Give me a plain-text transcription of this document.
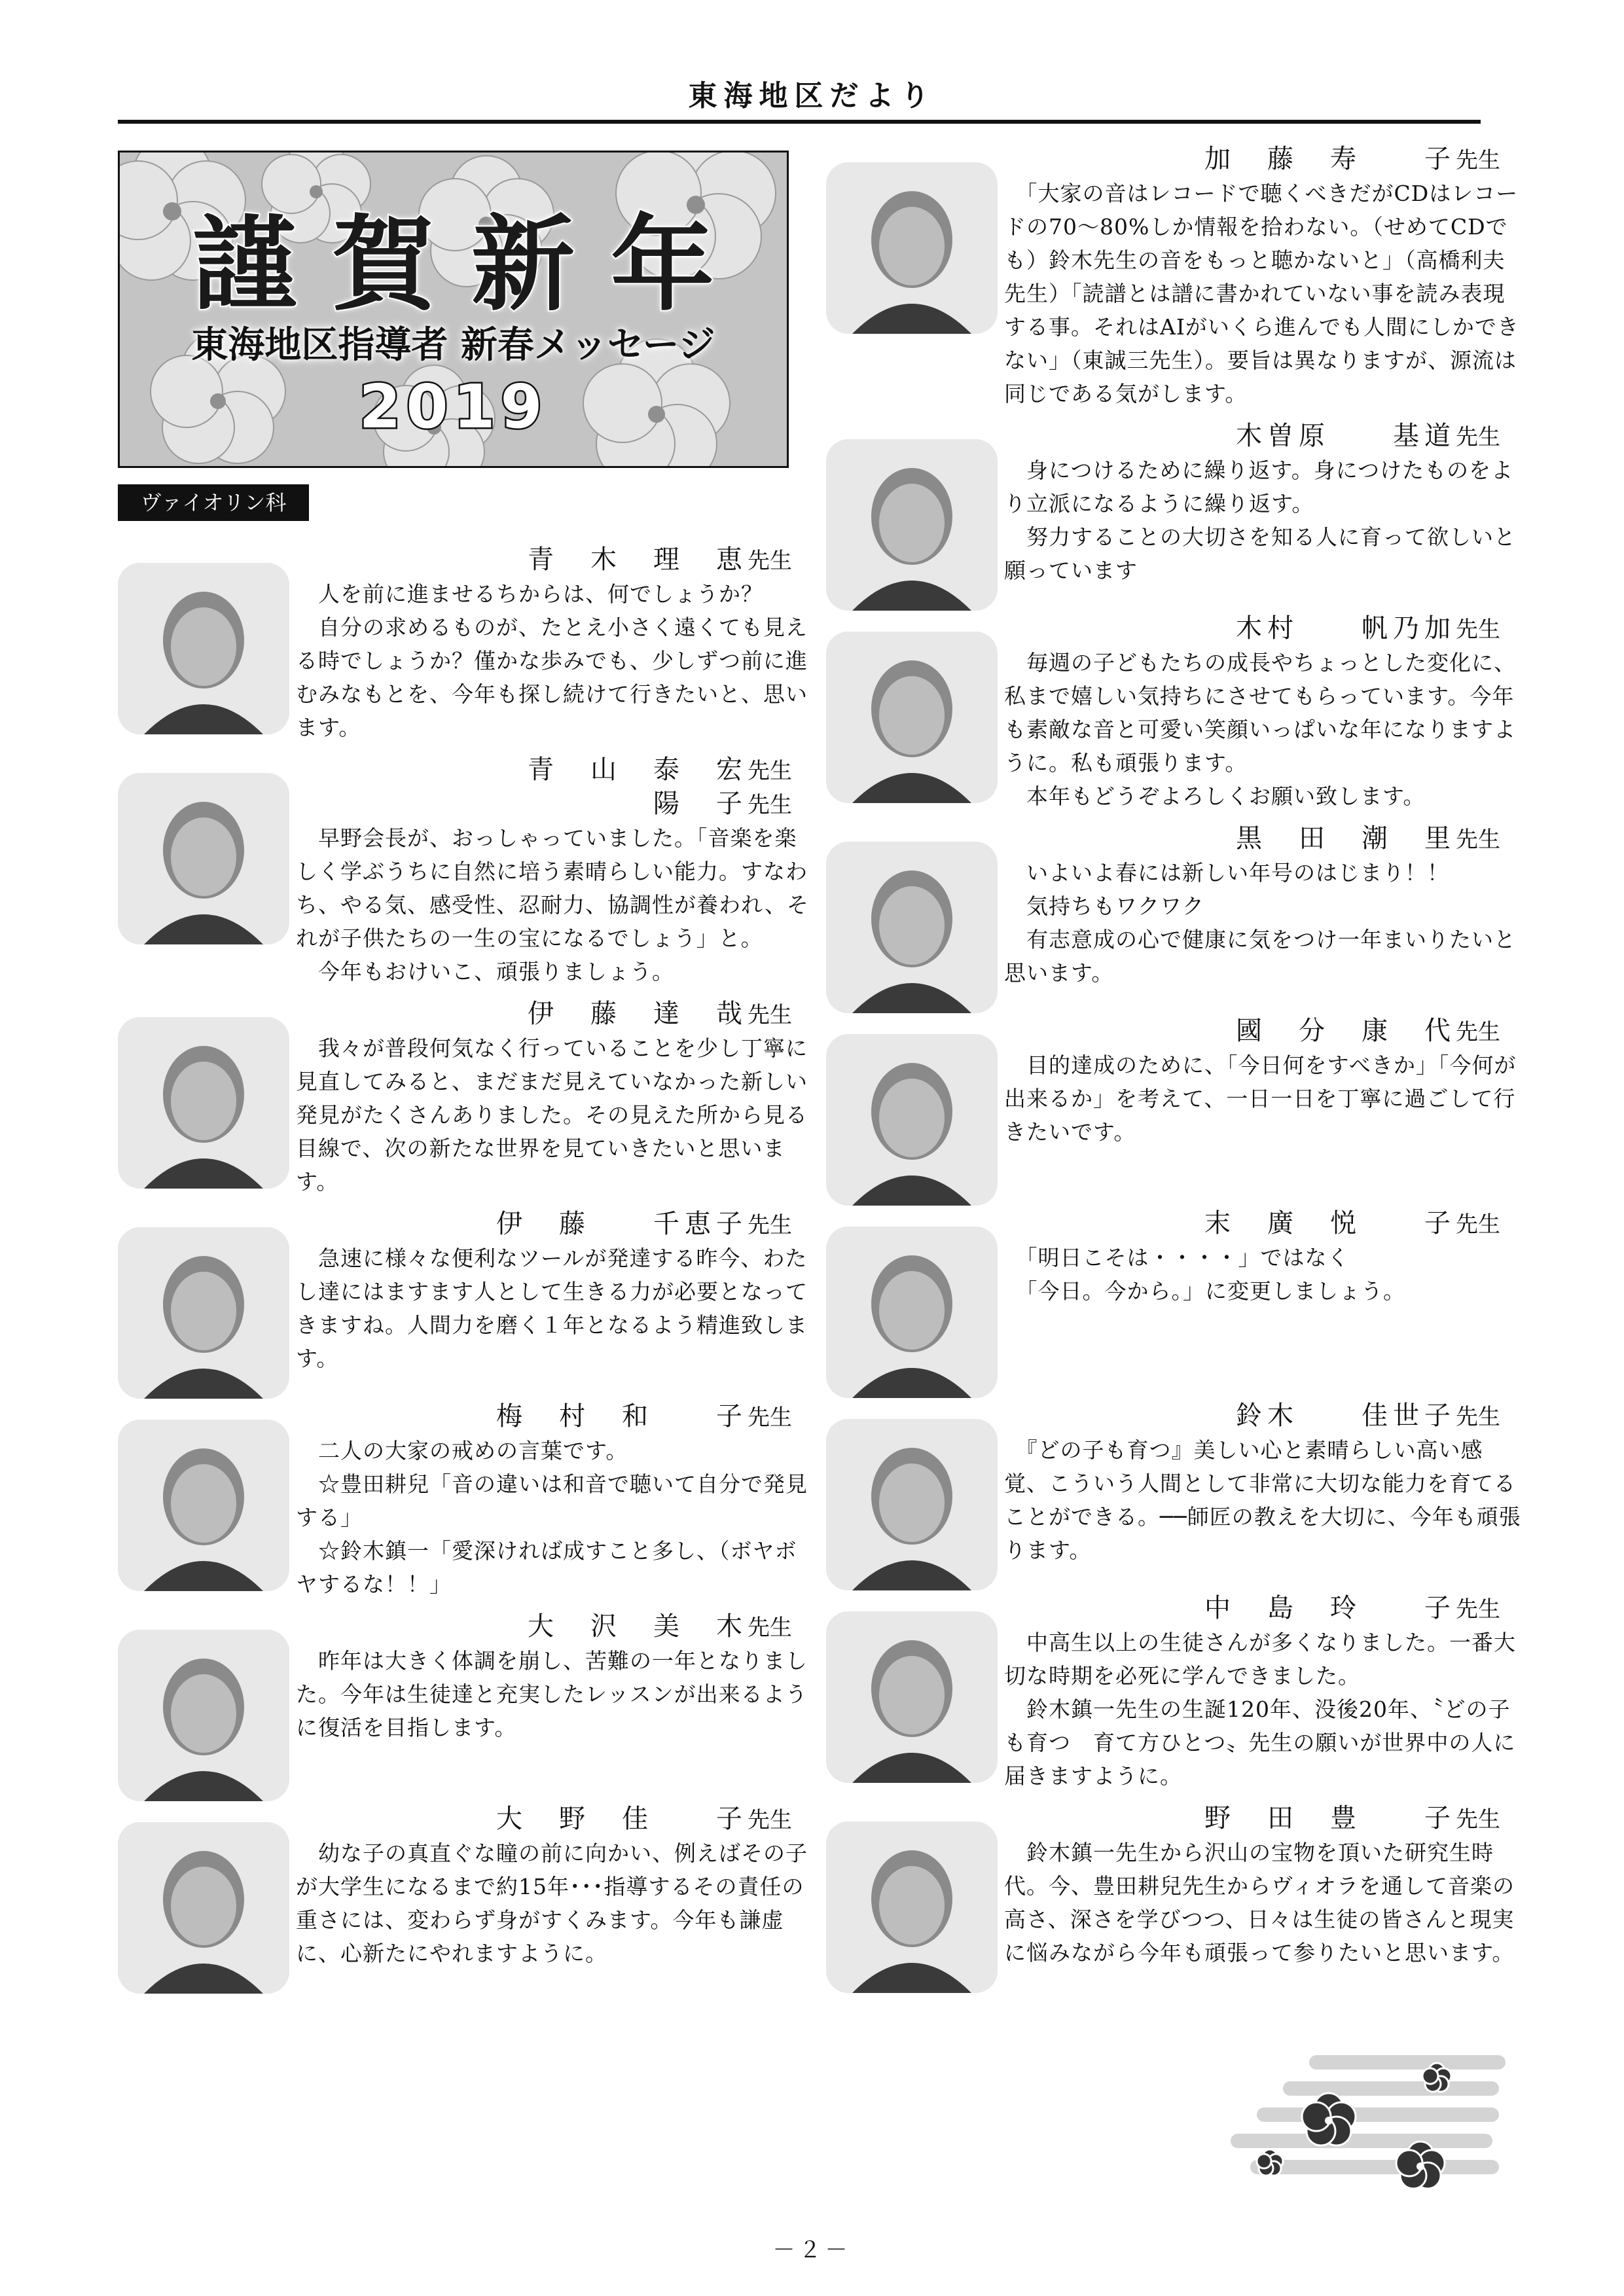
東海地区だより
謹賀新年
東海地区指導者 新春メッセージ
2019
ヴァイオリン科
青　木　理　恵先生

　人を前に進ませるちからは、何でしょうか？

　自分の求めるものが、たとえ小さく遠くても見える時でしょうか？僅かな歩みでも、少しずつ前に進むみなもとを、今年も探し続けて行きたいと、思います。

青　山　泰　宏先生
陽　子先生

　早野会長が、おっしゃっていました。「音楽を楽しく学ぶうちに自然に培う素晴らしい能力。すなわち、やる気、感受性、忍耐力、協調性が養われ、それが子供たちの一生の宝になるでしょう」と。

　今年もおけいこ、頑張りましょう。

伊　藤　達　哉先生

　我々が普段何気なく行っていることを少し丁寧に見直してみると、まだまだ見えていなかった新しい発見がたくさんありました。その見えた所から見る目線で、次の新たな世界を見ていきたいと思います。

伊　藤　　千恵子先生

　急速に様々な便利なツールが発達する昨今、わたし達にはますます人として生きる力が必要となってきますね。人間力を磨く１年となるよう精進致します。

梅　村　和　　子先生

　二人の大家の戒めの言葉です。

　☆豊田耕兒「音の違いは和音で聴いて自分で発見する」

　☆鈴木鎮一「愛深ければ成すこと多し、（ボヤボヤするな！！」

大　沢　美　木先生

　昨年は大きく体調を崩し、苦難の一年となりました。今年は生徒達と充実したレッスンが出来るように復活を目指します。

大　野　佳　　子先生

　幼な子の真直ぐな瞳の前に向かい、例えばその子が大学生になるまで約15年･･･指導するその責任の重さには、変わらず身がすくみます。今年も謙虚に、心新たにやれますように。

加　藤　寿　　子先生

　「大家の音はレコードで聴くべきだがCDはレコードの70～80%しか情報を拾わない。（せめてCDでも）鈴木先生の音をもっと聴かないと」（高橋利夫先生）「読譜とは譜に書かれていない事を読み表現する事。それはAIがいくら進んでも人間にしかできない」（東誠三先生）。要旨は異なりますが、源流は同じである気がします。

木曽原　　基道先生

　身につけるために繰り返す。身につけたものをより立派になるように繰り返す。

　努力することの大切さを知る人に育って欲しいと願っています

木村　　帆乃加先生

　毎週の子どもたちの成長やちょっとした変化に、私まで嬉しい気持ちにさせてもらっています。今年も素敵な音と可愛い笑顔いっぱいな年になりますように。私も頑張ります。

　本年もどうぞよろしくお願い致します。

黒　田　潮　里先生

　いよいよ春には新しい年号のはじまり！！

　気持ちもワクワク

　有志意成の心で健康に気をつけ一年まいりたいと思います。

國　分　康　代先生

　目的達成のために、「今日何をすべきか」「今何が出来るか」を考えて、一日一日を丁寧に過ごして行きたいです。

末　廣　悦　　子先生

　「明日こそは・・・・」ではなく

　「今日。今から。」に変更しましょう。

鈴木　　佳世子先生

　『どの子も育つ』美しい心と素晴らしい高い感覚、こういう人間として非常に大切な能力を育てることができる。──師匠の教えを大切に、今年も頑張ります。

中　島　玲　　子先生

　中高生以上の生徒さんが多くなりました。一番大切な時期を必死に学んできました。

　鈴木鎮一先生の生誕120年、没後20年、〝どの子も育つ　育て方ひとつ〟先生の願いが世界中の人に届きますように。

野　田　豊　　子先生

　鈴木鎮一先生から沢山の宝物を頂いた研究生時代。今、豊田耕兒先生からヴィオラを通して音楽の高さ、深さを学びつつ、日々は生徒の皆さんと現実に悩みながら今年も頑張って参りたいと思います。

－２－
